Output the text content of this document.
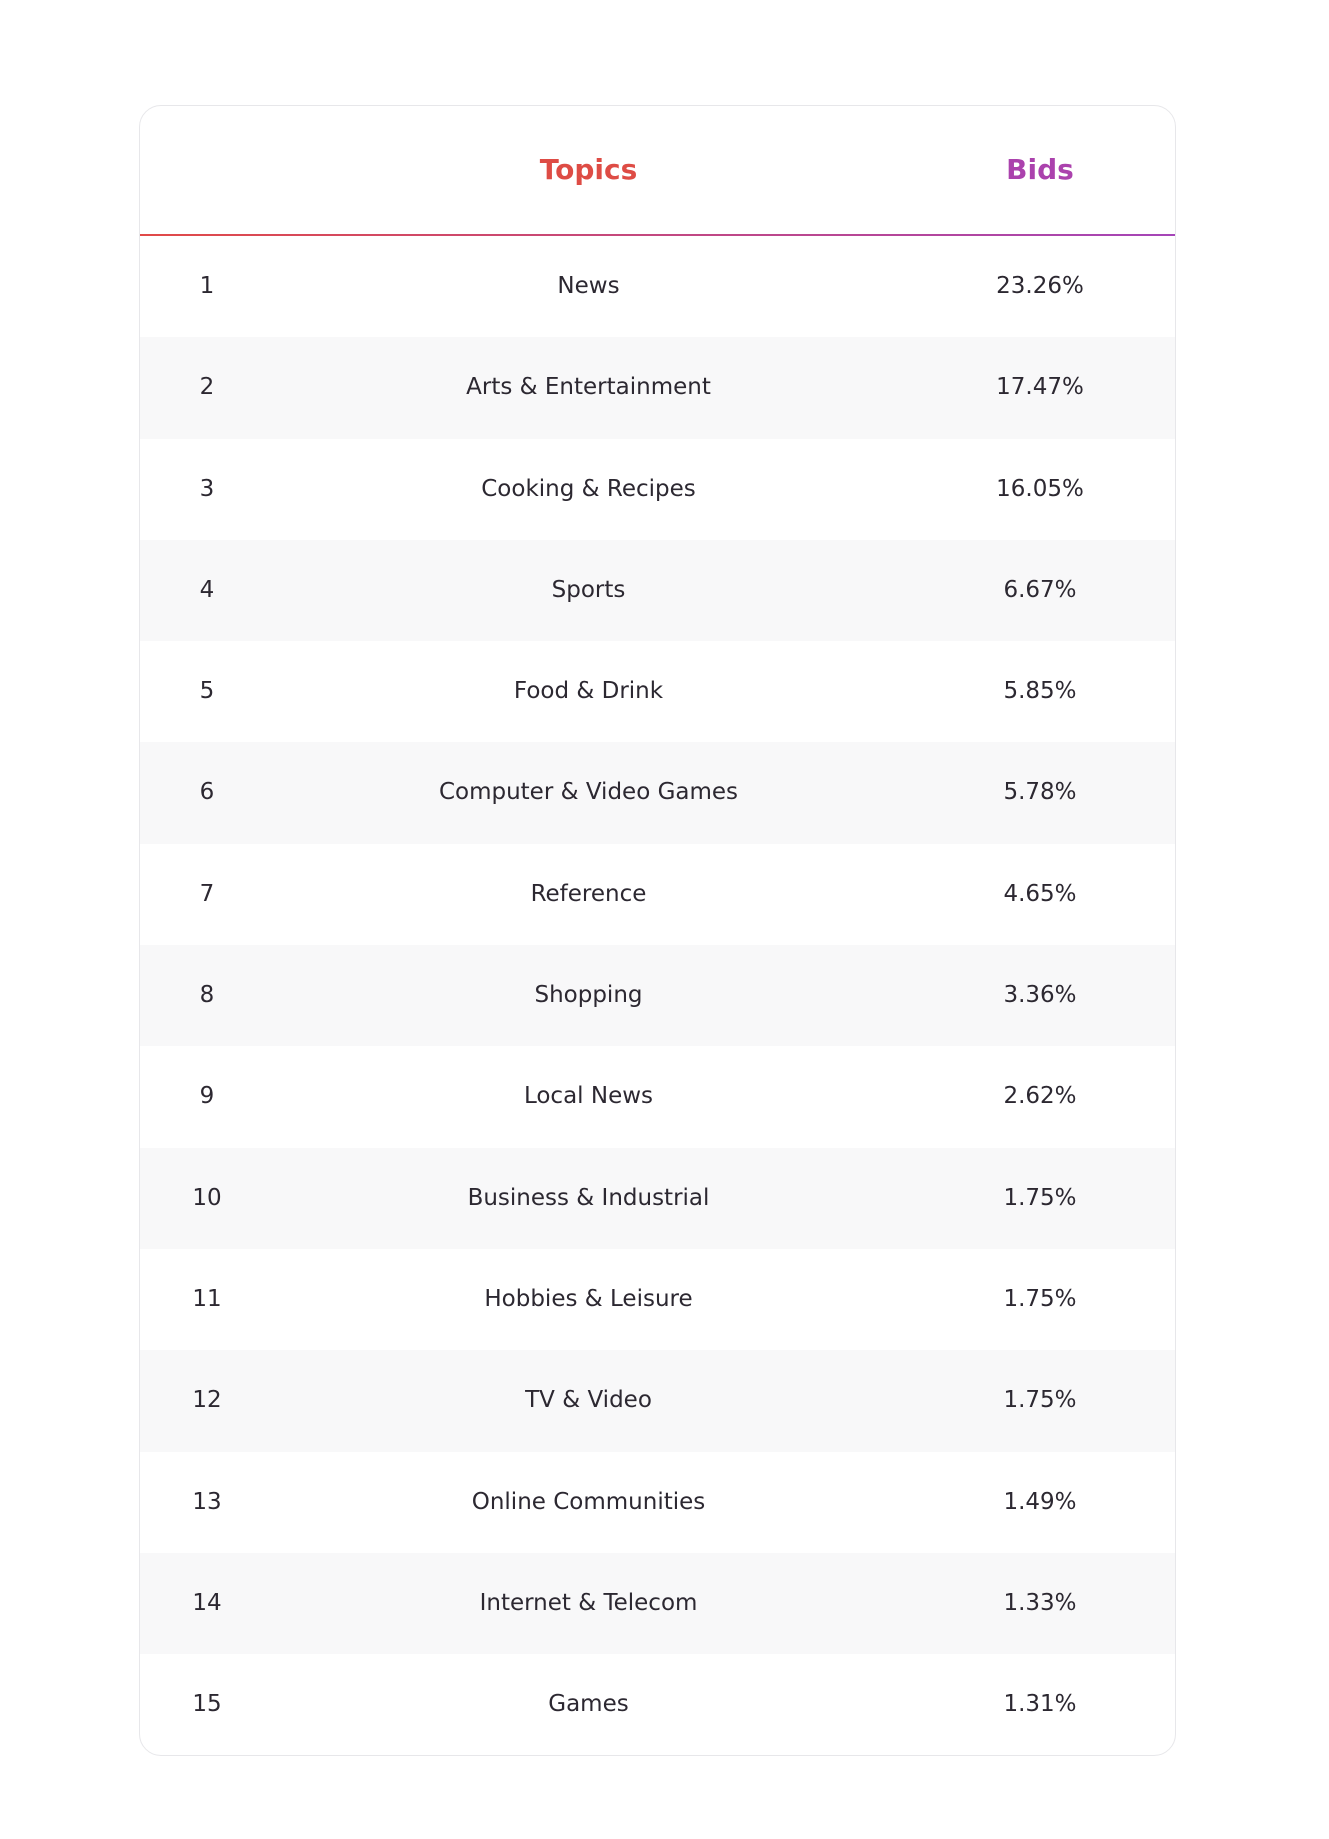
Topics	Bids
1	News	23.26%
2	Arts & Entertainment	17.47%
3	Cooking & Recipes	16.05%
4	Sports	6.67%
5	Food & Drink	5.85%
6	Computer & Video Games	5.78%
7	Reference	4.65%
8	Shopping	3.36%
9	Local News	2.62%
10	Business & Industrial	1.75%
11	Hobbies & Leisure	1.75%
12	TV & Video	1.75%
13	Online Communities	1.49%
14	Internet & Telecom	1.33%
15	Games	1.31%
